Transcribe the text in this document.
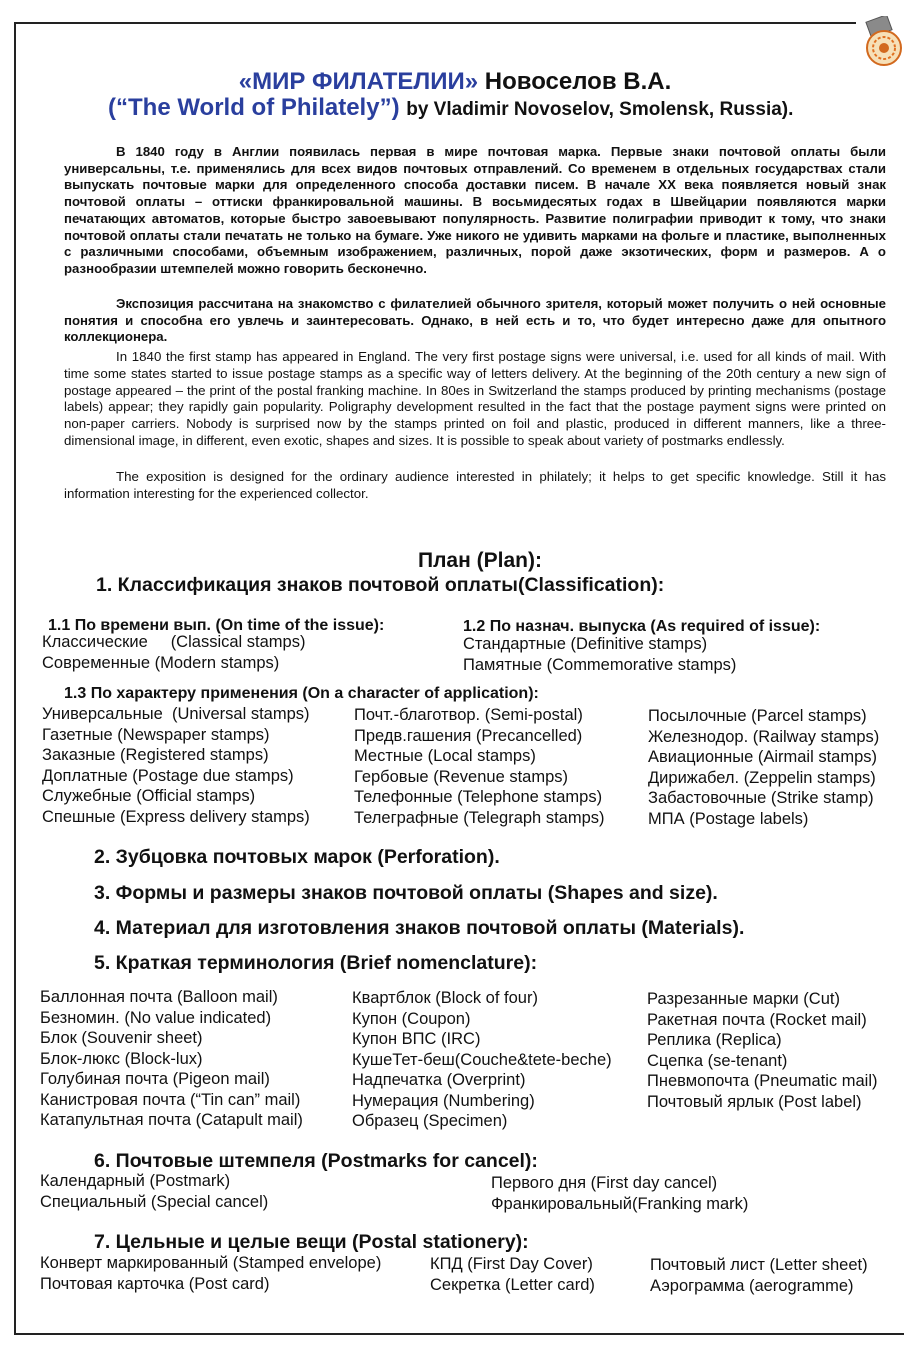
«МИР ФИЛАТЕЛИИ» Новоселов В.А.
(“The World of Philately”) by Vladimir Novoselov, Smolensk, Russia).
В 1840 году в Англии появилась первая в мире почтовая марка. Первые знаки почтовой оплаты были универсальны, т.е. применялись для всех видов почтовых отправлений. Со временем в отдельных государствах стали выпускать почтовые марки для определенного способа доставки писем. В начале XX века появляется новый знак почтовой оплаты – оттиски франкировальной машины. В восьмидесятых годах в Швейцарии появляются марки печатающих автоматов, которые быстро завоевывают популярность. Развитие полиграфии приводит к тому, что знаки почтовой оплаты стали печатать не только на бумаге. Уже никого не удивить марками на фольге и пластике, выполненных с различными способами, объемным изображением, различных, порой даже экзотических, форм и размеров. А о разнообразии штемпелей можно говорить бесконечно.
Экспозиция рассчитана на знакомство с филателией обычного зрителя, который может получить о ней основные понятия и способна его увлечь и заинтересовать. Однако, в ней есть и то, что будет интересно даже для опытного коллекционера.
In 1840 the first stamp has appeared in England. The very first postage signs were universal, i.e. used for all kinds of mail. With time some states started to issue postage stamps as a specific way of letters delivery. At the beginning of the 20th century a new sign of postage appeared – the print of the postal franking machine. In 80es in Switzerland the stamps produced by printing mechanisms (postage labels) appear; they rapidly gain popularity. Poligraphy development resulted in the fact that the postage payment signs were printed on non-paper carriers. Nobody is surprised now by the stamps printed on foil and plastic, produced in different manners, like a three-dimensional image, in different, even exotic, shapes and sizes. It is possible to speak about variety of postmarks endlessly.
The exposition is designed for the ordinary audience interested in philately; it helps to get specific knowledge. Still it has information interesting for the experienced collector.
План (Plan):
1. Классификация знаков почтовой оплаты(Classification):
1.1 По времени вып. (On time of the issue):
Классические     (Classical stamps)
Современные (Modern stamps)
1.2 По назнач. выпуска (As required of issue):
Стандартные (Definitive stamps)
Памятные (Commemorative stamps)
1.3 По характеру применения (On a character of application):
Универсальные  (Universal stamps)
Газетные (Newspaper stamps)
Заказные (Registered stamps)
Доплатные (Postage due stamps)
Служебные (Official stamps)
Спешные (Express delivery stamps)
Почт.-благотвор. (Semi-postal)
Предв.гашения (Precancelled)
Местные (Local stamps)
Гербовые (Revenue stamps)
Телефонные (Telephone stamps)
Телеграфные (Telegraph stamps)
Посылочные (Parcel stamps)
Железнодор. (Railway stamps)
Авиационные (Airmail stamps)
Дирижабел. (Zeppelin stamps)
Забастовочные (Strike stamp)
МПА (Postage labels)
2. Зубцовка почтовых марок (Perforation).
3. Формы и размеры знаков почтовой оплаты (Shapes and size).
4. Материал для изготовления знаков почтовой оплаты (Materials).
5. Краткая терминология (Brief nomenclature):
Баллонная почта (Balloon mail)
Безномин. (No value indicated)
Блок (Souvenir sheet)
Блок-люкс (Block-lux)
Голубиная почта (Pigeon mail)
Канистровая почта (“Tin can” mail)
Катапультная почта (Catapult mail)
Квартблок (Block of four)
Купон (Coupon)
Купон ВПС (IRC)
КушеТет-беш(Couche&tete-beche)
Надпечатка (Overprint)
Нумерация (Numbering)
Образец (Specimen)
Разрезанные марки (Cut)
Ракетная почта (Rocket mail)
Реплика (Replica)
Сцепка (se-tenant)
Пневмопочта (Pneumatic mail)
Почтовый ярлык (Post label)
6. Почтовые штемпеля (Postmarks for cancel):
Календарный (Postmark)
Специальный (Special cancel)
Первого дня (First day cancel)
Франкировальный(Franking mark)
7. Цельные и целые вещи (Postal stationery):
Конверт маркированный (Stamped envelope)
Почтовая карточка (Post card)
КПД (First Day Cover)
Секретка (Letter card)
Почтовый лист (Letter sheet)
Аэрограмма (aerogramme)
